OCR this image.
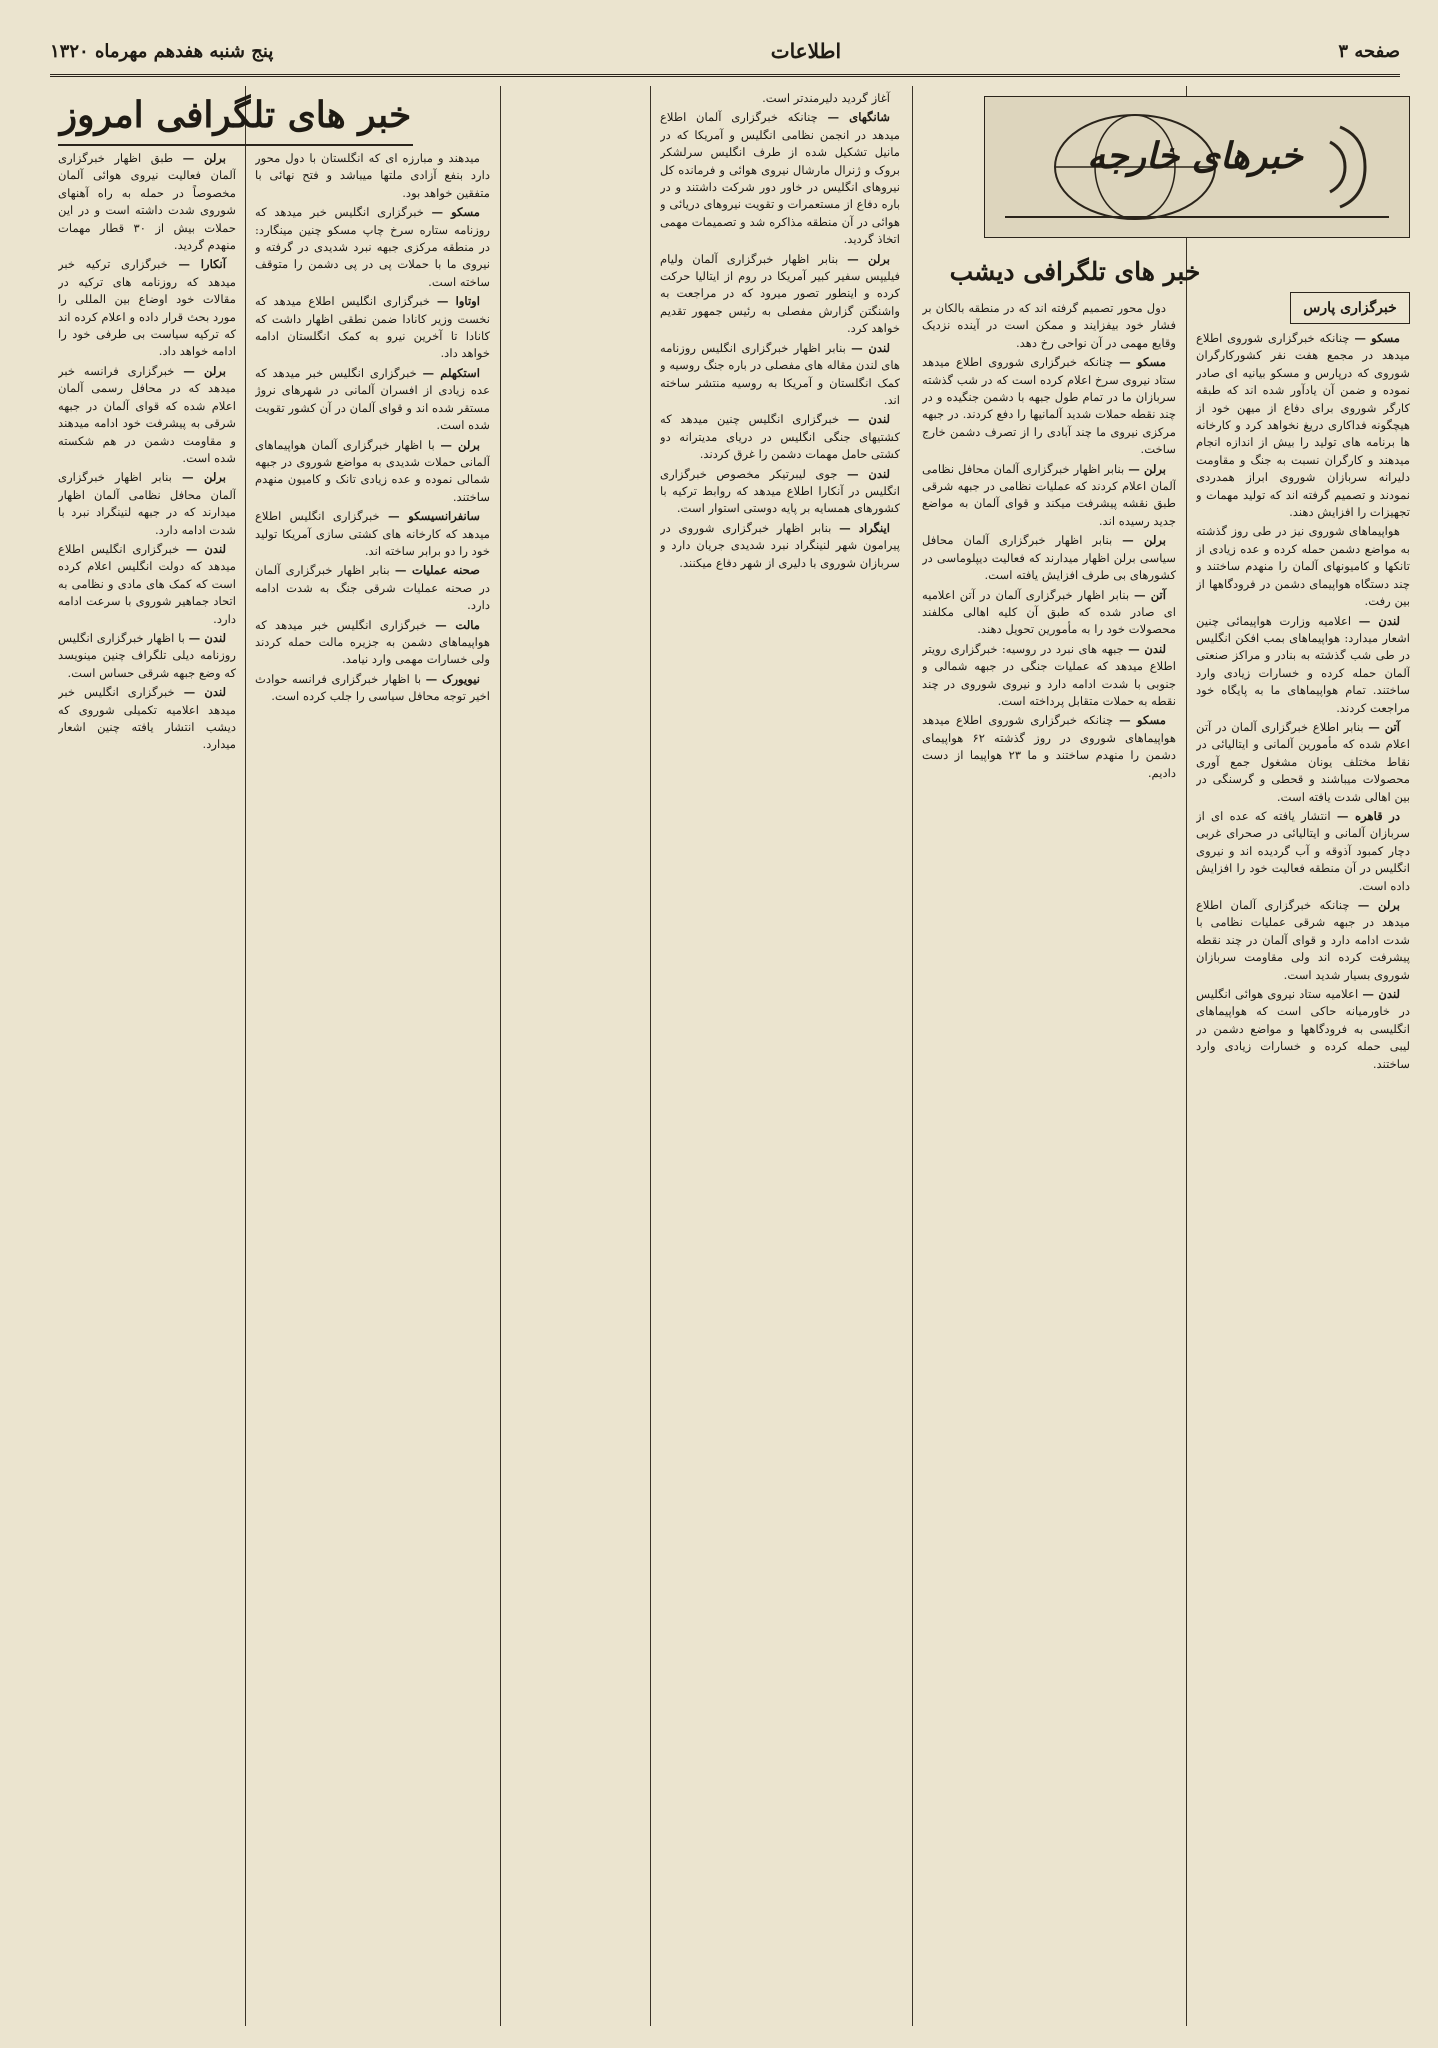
صفحه ۳
اطلاعات
پنج شنبه هفدهم مهرماه ۱۳۲۰
خبرهای خارجه
خبر های تلگرافی امروز
خبر های تلگرافی دیشب
خبرگزاری پارس

مسکو — چنانکه خبرگزاری شوروی اطلاع میدهد در مجمع هفت نفر کشورکارگران شوروی که درپارس و مسکو بیانیه ای صادر نموده و ضمن آن یادآور شده اند که طبقه کارگر شوروی برای دفاع از میهن خود از هیچگونه فداکاری دریغ نخواهد کرد و کارخانه ها برنامه های تولید را بیش از اندازه انجام میدهند و کارگران نسبت به جنگ و مقاومت دلیرانه سربازان شوروی ابراز همدردی نمودند و تصمیم گرفته اند که تولید مهمات و تجهیزات را افزایش دهند.

هواپیماهای شوروی نیز در طی روز گذشته به مواضع دشمن حمله کرده و عده زیادی از تانکها و کامیونهای آلمان را منهدم ساختند و چند دستگاه هواپیمای دشمن در فرودگاهها از بین رفت.

لندن — اعلامیه وزارت هواپیمائی چنین اشعار میدارد: هواپیماهای بمب افکن انگلیس در طی شب گذشته به بنادر و مراکز صنعتی آلمان حمله کرده و خسارات زیادی وارد ساختند. تمام هواپیماهای ما به پایگاه خود مراجعت کردند.

آتن — بنابر اطلاع خبرگزاری آلمان در آتن اعلام شده که مأمورین آلمانی و ایتالیائی در نقاط مختلف یونان مشغول جمع آوری محصولات میباشند و قحطی و گرسنگی در بین اهالی شدت یافته است.

در قاهره — انتشار یافته که عده ای از سربازان آلمانی و ایتالیائی در صحرای غربی دچار کمبود آذوقه و آب گردیده اند و نیروی انگلیس در آن منطقه فعالیت خود را افزایش داده است.

برلن — چنانکه خبرگزاری آلمان اطلاع میدهد در جبهه شرقی عملیات نظامی با شدت ادامه دارد و قوای آلمان در چند نقطه پیشرفت کرده اند ولی مقاومت سربازان شوروی بسیار شدید است.

لندن — اعلامیه ستاد نیروی هوائی انگلیس در خاورمیانه حاکی است که هواپیماهای انگلیسی به فرودگاهها و مواضع دشمن در لیبی حمله کرده و خسارات زیادی وارد ساختند.

دول محور تصمیم گرفته اند که در منطقه بالکان بر فشار خود بیفزایند و ممکن است در آینده نزدیک وقایع مهمی در آن نواحی رخ دهد.

مسکو — چنانکه خبرگزاری شوروی اطلاع میدهد ستاد نیروی سرخ اعلام کرده است که در شب گذشته سربازان ما در تمام طول جبهه با دشمن جنگیده و در چند نقطه حملات شدید آلمانیها را دفع کردند. در جبهه مرکزی نیروی ما چند آبادی را از تصرف دشمن خارج ساخت.

برلن — بنابر اظهار خبرگزاری آلمان محافل نظامی آلمان اعلام کردند که عملیات نظامی در جبهه شرقی طبق نقشه پیشرفت میکند و قوای آلمان به مواضع جدید رسیده اند.

برلن — بنابر اظهار خبرگزاری آلمان محافل سیاسی برلن اظهار میدارند که فعالیت دیپلوماسی در کشورهای بی طرف افزایش یافته است.

آتن — بنابر اظهار خبرگزاری آلمان در آتن اعلامیه ای صادر شده که طبق آن کلیه اهالی مکلفند محصولات خود را به مأمورین تحویل دهند.

لندن — جبهه های نبرد در روسیه: خبرگزاری رویتر اطلاع میدهد که عملیات جنگی در جبهه شمالی و جنوبی با شدت ادامه دارد و نیروی شوروی در چند نقطه به حملات متقابل پرداخته است.

مسکو — چنانکه خبرگزاری شوروی اطلاع میدهد هواپیماهای شوروی در روز گذشته ۶۲ هواپیمای دشمن را منهدم ساختند و ما ۲۳ هواپیما از دست دادیم.

آغاز گردید دلیرمندتر است.

شانگهای — چنانکه خبرگزاری آلمان اطلاع میدهد در انجمن نظامی انگلیس و آمریکا که در مانیل تشکیل شده از طرف انگلیس سرلشکر بروک و ژنرال مارشال نیروی هوائی و فرمانده کل نیروهای انگلیس در خاور دور شرکت داشتند و در باره دفاع از مستعمرات و تقویت نیروهای دریائی و هوائی در آن منطقه مذاکره شد و تصمیمات مهمی اتخاذ گردید.

برلن — بنابر اظهار خبرگزاری آلمان ولیام فیلیپس سفیر کبیر آمریکا در روم از ایتالیا حرکت کرده و اینطور تصور میرود که در مراجعت به واشنگتن گزارش مفصلی به رئیس جمهور تقدیم خواهد کرد.

لندن — بنابر اظهار خبرگزاری انگلیس روزنامه های لندن مقاله های مفصلی در باره جنگ روسیه و کمک انگلستان و آمریکا به روسیه منتشر ساخته اند.

لندن — خبرگزاری انگلیس چنین میدهد که کشتیهای جنگی انگلیس در دریای مدیترانه دو کشتی حامل مهمات دشمن را غرق کردند.

لندن — جوی لیبرتیکر مخصوص خبرگزاری انگلیس در آنکارا اطلاع میدهد که روابط ترکیه با کشورهای همسایه بر پایه دوستی استوار است.

اینگراد — بنابر اظهار خبرگزاری شوروی در پیرامون شهر لنینگراد نبرد شدیدی جریان دارد و سربازان شوروی با دلیری از شهر دفاع میکنند.

میدهند و مبارزه ای که انگلستان با دول محور دارد بنفع آزادی ملتها میباشد و فتح نهائی با متفقین خواهد بود.

مسکو — خبرگزاری انگلیس خبر میدهد که روزنامه ستاره سرخ چاپ مسکو چنین مینگارد: در منطقه مرکزی جبهه نبرد شدیدی در گرفته و نیروی ما با حملات پی در پی دشمن را متوقف ساخته است.

اوتاوا — خبرگزاری انگلیس اطلاع میدهد که نخست وزیر کانادا ضمن نطقی اظهار داشت که کانادا تا آخرین نیرو به کمک انگلستان ادامه خواهد داد.

استکهلم — خبرگزاری انگلیس خبر میدهد که عده زیادی از افسران آلمانی در شهرهای نروژ مستقر شده اند و قوای آلمان در آن کشور تقویت شده است.

برلن — با اظهار خبرگزاری آلمان هواپیماهای آلمانی حملات شدیدی به مواضع شوروی در جبهه شمالی نموده و عده زیادی تانک و کامیون منهدم ساختند.

سانفرانسیسکو — خبرگزاری انگلیس اطلاع میدهد که کارخانه های کشتی سازی آمریکا تولید خود را دو برابر ساخته اند.

صحنه عملیات — بنابر اظهار خبرگزاری آلمان در صحنه عملیات شرقی جنگ به شدت ادامه دارد.

مالت — خبرگزاری انگلیس خبر میدهد که هواپیماهای دشمن به جزیره مالت حمله کردند ولی خسارات مهمی وارد نیامد.

نیویورک — با اظهار خبرگزاری فرانسه حوادث اخیر توجه محافل سیاسی را جلب کرده است.

برلن — طبق اظهار خبرگزاری آلمان فعالیت نیروی هوائی آلمان مخصوصاً در حمله به راه آهنهای شوروی شدت داشته است و در این حملات بیش از ۳۰ قطار مهمات منهدم گردید.

آنکارا — خبرگزاری ترکیه خبر میدهد که روزنامه های ترکیه در مقالات خود اوضاع بین المللی را مورد بحث قرار داده و اعلام کرده اند که ترکیه سیاست بی طرفی خود را ادامه خواهد داد.

برلن — خبرگزاری فرانسه خبر میدهد که در محافل رسمی آلمان اعلام شده که قوای آلمان در جبهه شرقی به پیشرفت خود ادامه میدهند و مقاومت دشمن در هم شکسته شده است.

برلن — بنابر اظهار خبرگزاری آلمان محافل نظامی آلمان اظهار میدارند که در جبهه لنینگراد نبرد با شدت ادامه دارد.

لندن — خبرگزاری انگلیس اطلاع میدهد که دولت انگلیس اعلام کرده است که کمک های مادی و نظامی به اتحاد جماهیر شوروی با سرعت ادامه دارد.

لندن — با اظهار خبرگزاری انگلیس روزنامه دیلی تلگراف چنین مینویسد که وضع جبهه شرقی حساس است.

لندن — خبرگزاری انگلیس خبر میدهد اعلامیه تکمیلی شوروی که دیشب انتشار یافته چنین اشعار میدارد.
